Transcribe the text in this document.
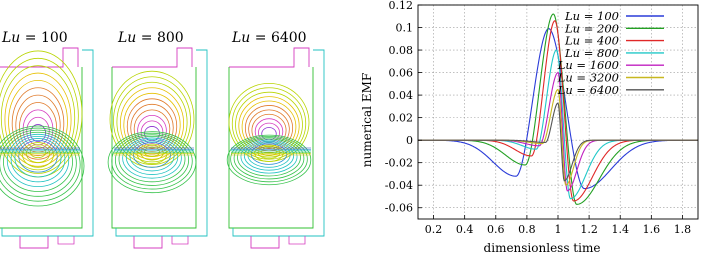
Lu = 100	Lu = 800	Lu = 6400
0.2 0.4 0.6 0.8 1 1.2 1.4 1.6 1.8
0.12
0.1
0.08
0.06
0.04
0.02
0
-0.02
-0.04
-0.06
Lu = 100
Lu = 200
Lu = 400
Lu = 800
Lu = 1600
Lu = 3200
Lu = 6400
dimensionless time
numerical EMF
